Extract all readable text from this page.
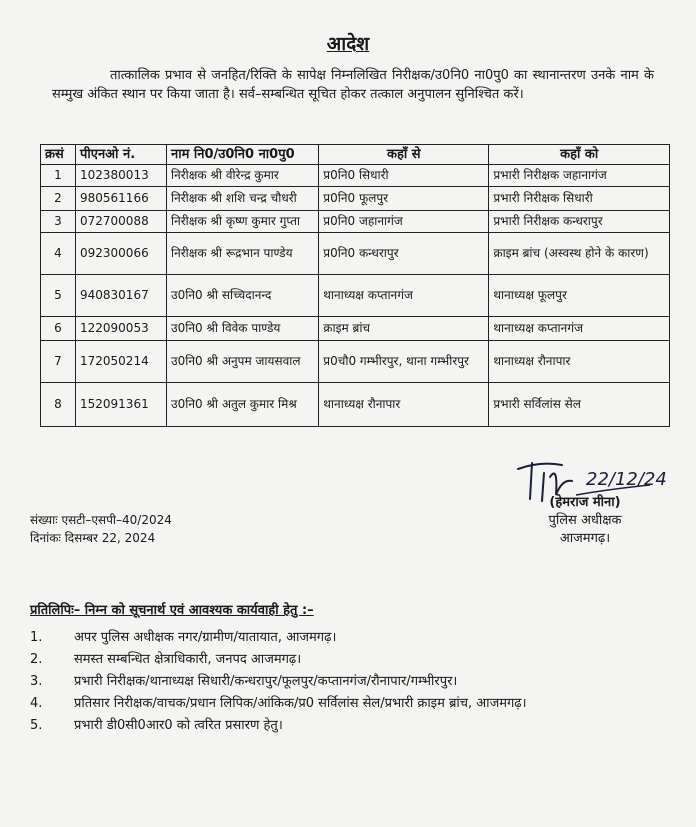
आदेश
तात्कालिक प्रभाव से जनहित/रिक्ति के सापेक्ष निम्नलिखित निरीक्षक/उ0नि0 ना0पु0 का स्थानान्तरण उनके नाम के सम्मुख अंकित स्थान पर किया जाता है। सर्व–सम्बन्धित सूचित होकर तत्काल अनुपालन सुनिश्चित करें।
क्रसं	पीएनओ नं.	नाम नि0/उ0नि0 ना0पु0	कहाँ से	कहाँ को
1	102380013	निरीक्षक श्री वीरेन्द्र कुमार	प्र0नि0 सिधारी	प्रभारी निरीक्षक जहानागंज
2	980561166	निरीक्षक श्री शशि चन्द्र चौधरी	प्र0नि0 फूलपुर	प्रभारी निरीक्षक सिधारी
3	072700088	निरीक्षक श्री कृष्ण कुमार गुप्ता	प्र0नि0 जहानागंज	प्रभारी निरीक्षक कन्धरापुर
4	092300066	निरीक्षक श्री रूद्रभान पाण्डेय	प्र0नि0 कन्धरापुर	क्राइम ब्रांच (अस्वस्थ होने के कारण)
5	940830167	उ0नि0 श्री सच्चिदानन्द	थानाध्यक्ष कप्तानगंज	थानाध्यक्ष फूलपुर
6	122090053	उ0नि0 श्री विवेक पाण्डेय	क्राइम ब्रांच	थानाध्यक्ष कप्तानगंज
7	172050214	उ0नि0 श्री अनुपम जायसवाल	प्र0चौ0 गम्भीरपुर, थाना गम्भीरपुर	थानाध्यक्ष रौनापार
8	152091361	उ0नि0 श्री अतुल कुमार मिश्र	थानाध्यक्ष रौनापार	प्रभारी सर्विलांस सेल
संख्याः एसटी–एसपी–40/2024
दिनांकः दिसम्बर 22, 2024
22/12/24
(हेमराज मीना)
पुलिस अधीक्षक
आजमगढ़।
प्रतिलिपिः– निम्न को सूचनार्थ एवं आवश्यक कार्यवाही हेतु :–
1.	अपर पुलिस अधीक्षक नगर/ग्रामीण/यातायात, आजमगढ़।
2.	समस्त सम्बन्धित क्षेत्राधिकारी, जनपद आजमगढ़।
3.	प्रभारी निरीक्षक/थानाध्यक्ष सिधारी/कन्धरापुर/फूलपुर/कप्तानगंज/रौनापार/गम्भीरपुर।
4.	प्रतिसार निरीक्षक/वाचक/प्रधान लिपिक/आंकिक/प्र0 सर्विलांस सेल/प्रभारी क्राइम ब्रांच, आजमगढ़।
5.	प्रभारी डी0सी0आर0 को त्वरित प्रसारण हेतु।
